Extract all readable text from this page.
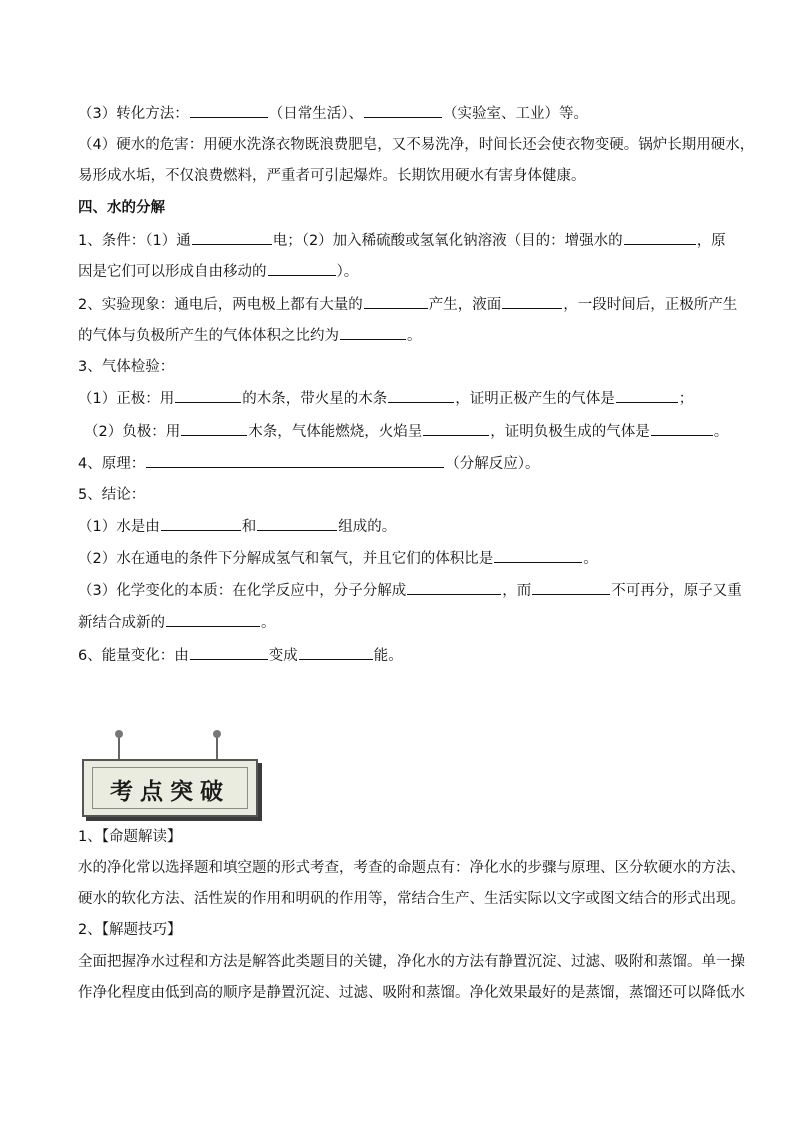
（3）转化方法：	（日常生活）、	（实验室、工业）等。
（4）硬水的危害：用硬水洗涤衣物既浪费肥皂，又不易洗净，时间长还会使衣物变硬。锅炉长期用硬水，
易形成水垢，不仅浪费燃料，严重者可引起爆炸。长期饮用硬水有害身体健康。
四、水的分解
1、条件：（1）通	电；（2）加入稀硫酸或氢氧化钠溶液（目的：增强水的	，原
因是它们可以形成自由移动的	）。
2、实验现象：通电后，两电极上都有大量的	产生，液面	，一段时间后，正极所产生
的气体与负极所产生的气体体积之比约为	。
3、气体检验：
（1）正极：用	的木条，带火星的木条	，证明正极产生的气体是	；
（2）负极：用	木条，气体能燃烧，火焰呈	，证明负极生成的气体是	。
4、原理：	（分解反应）。
5、结论：
（1）水是由	和	组成的。
（2）水在通电的条件下分解成氢气和氧气，并且它们的体积比是	。
（3）化学变化的本质：在化学反应中，分子分解成	，而	不可再分，原子又重
新结合成新的	。
6、能量变化：由	变成	能。
考点突破
1、【命题解读】
水的净化常以选择题和填空题的形式考查，考查的命题点有：净化水的步骤与原理、区分软硬水的方法、
硬水的软化方法、活性炭的作用和明矾的作用等，常结合生产、生活实际以文字或图文结合的形式出现。
2、【解题技巧】
全面把握净水过程和方法是解答此类题目的关键，净化水的方法有静置沉淀、过滤、吸附和蒸馏。单一操
作净化程度由低到高的顺序是静置沉淀、过滤、吸附和蒸馏。净化效果最好的是蒸馏，蒸馏还可以降低水
